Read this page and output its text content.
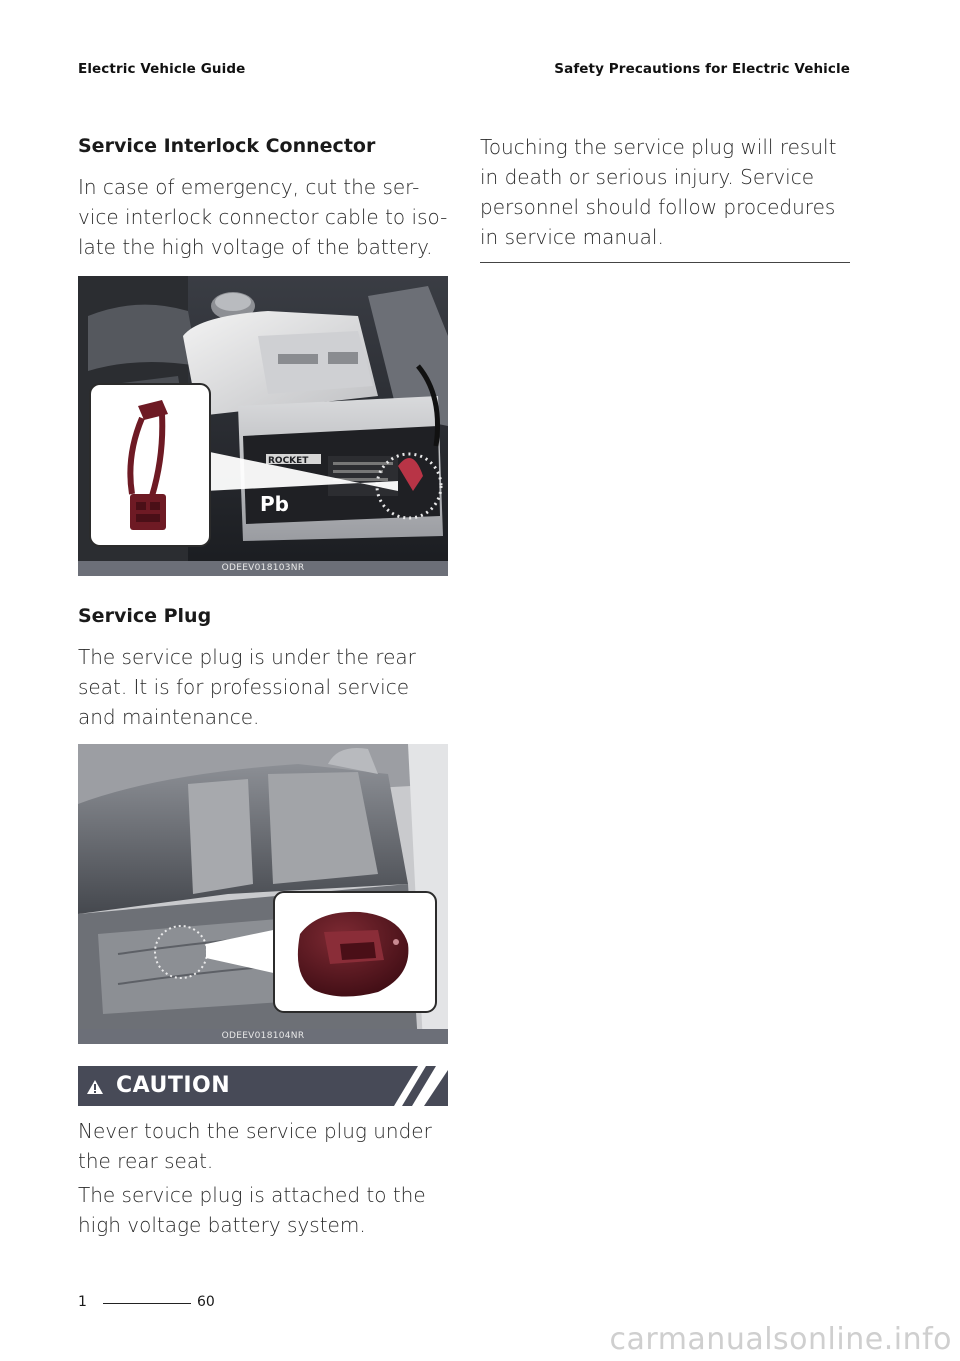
Electric Vehicle Guide	Safety Precautions for Electric Vehicle
Service Interlock Connector

In case of emergency, cut the ser-vice interlock connector cable to iso-late the high voltage of the battery.

ROCKET
Pb
ODEEV018103NR
Service Plug

The service plug is under the rear seat. It is for professional service and maintenance.

ODEEV018104NR
CAUTION

Never touch the service plug under the rear seat.

The service plug is attached to the high voltage battery system.

Touching the service plug will result in death or serious injury. Service personnel should follow procedures in service manual.

1	60
carmanualsonline.info
